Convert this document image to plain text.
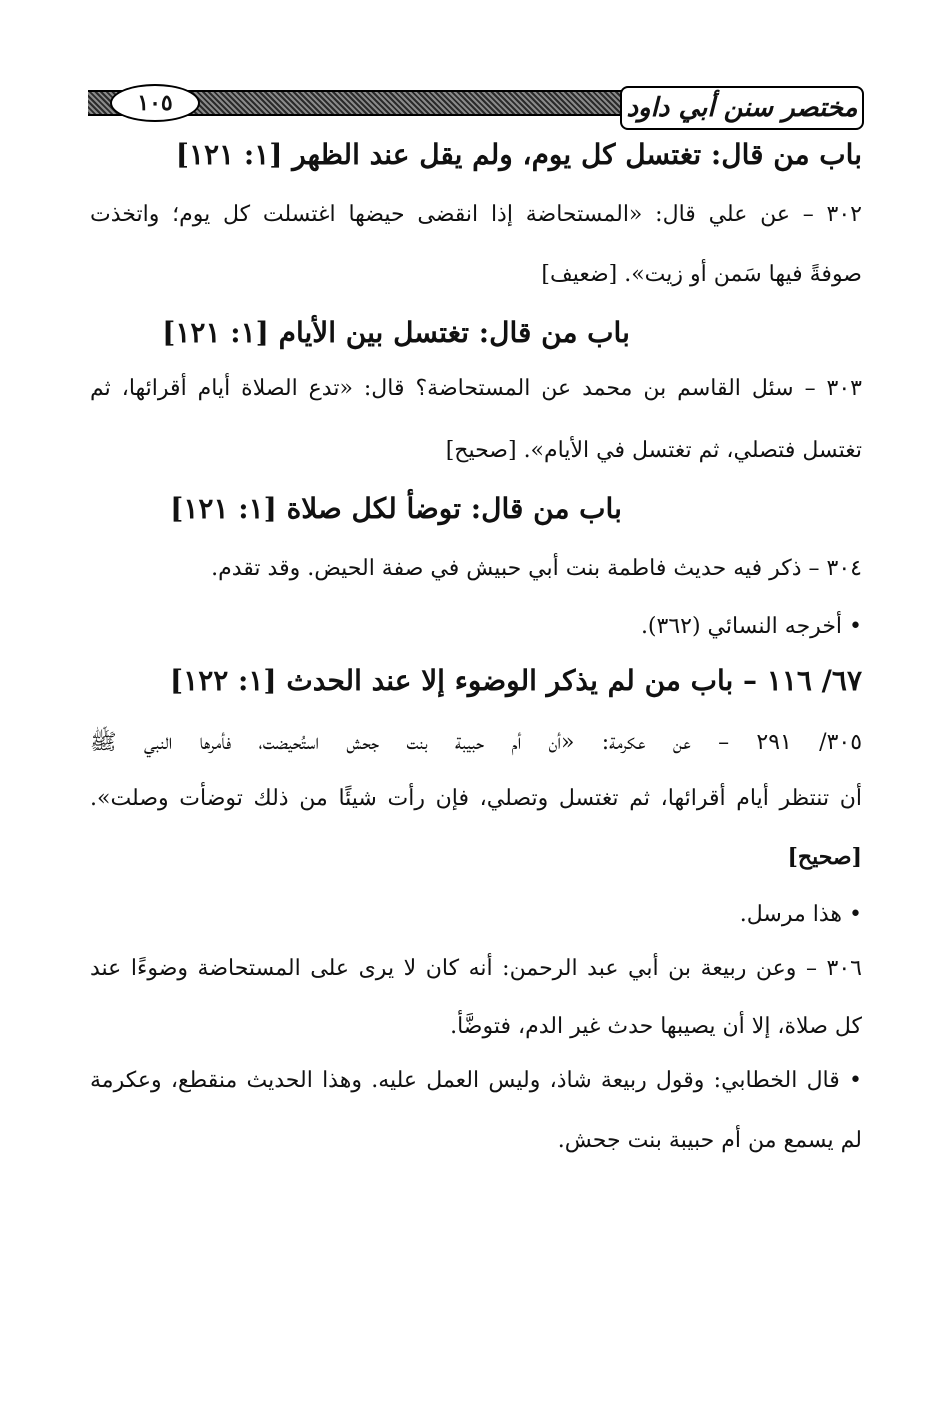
١٠٥	مختصر سنن أبي داود
باب من قال: تغتسل كل يوم، ولم يقل عند الظهر [١: ١٢١]
٣٠٢ – عن علي قال: «المستحاضة إذا انقضى حيضها اغتسلت كل يوم؛ واتخذت
صوفةً فيها سَمن أو زيت». [ضعيف]
باب من قال: تغتسل بين الأيام [١: ١٢١]
٣٠٣ – سئل القاسم بن محمد عن المستحاضة؟ قال: «تدع الصلاة أيام أقرائها، ثم
تغتسل فتصلي، ثم تغتسل في الأيام». [صحيح]
باب من قال: توضأ لكل صلاة [١: ١٢١]
٣٠٤ – ذكر فيه حديث فاطمة بنت أبي حبيش في صفة الحيض. وقد تقدم.
• أخرجه النسائي (٣٦٢).
٦٧/ ١١٦ – باب من لم يذكر الوضوء إلا عند الحدث [١: ١٢٢]
٣٠٥/ ٢٩١ – عن عكرمة: «أن أم حبيبة بنت جحش استُحيضت، فأمرها النبي ﷺ
أن تنتظر أيام أقرائها، ثم تغتسل وتصلي، فإن رأت شيئًا من ذلك توضأت وصلت».
[صحيح]
• هذا مرسل.
٣٠٦ – وعن ربيعة بن أبي عبد الرحمن: أنه كان لا يرى على المستحاضة وضوءًا عند
كل صلاة، إلا أن يصيبها حدث غير الدم، فتوضَّأ.
• قال الخطابي: وقول ربيعة شاذ، وليس العمل عليه. وهذا الحديث منقطع، وعكرمة
لم يسمع من أم حبيبة بنت جحش.
